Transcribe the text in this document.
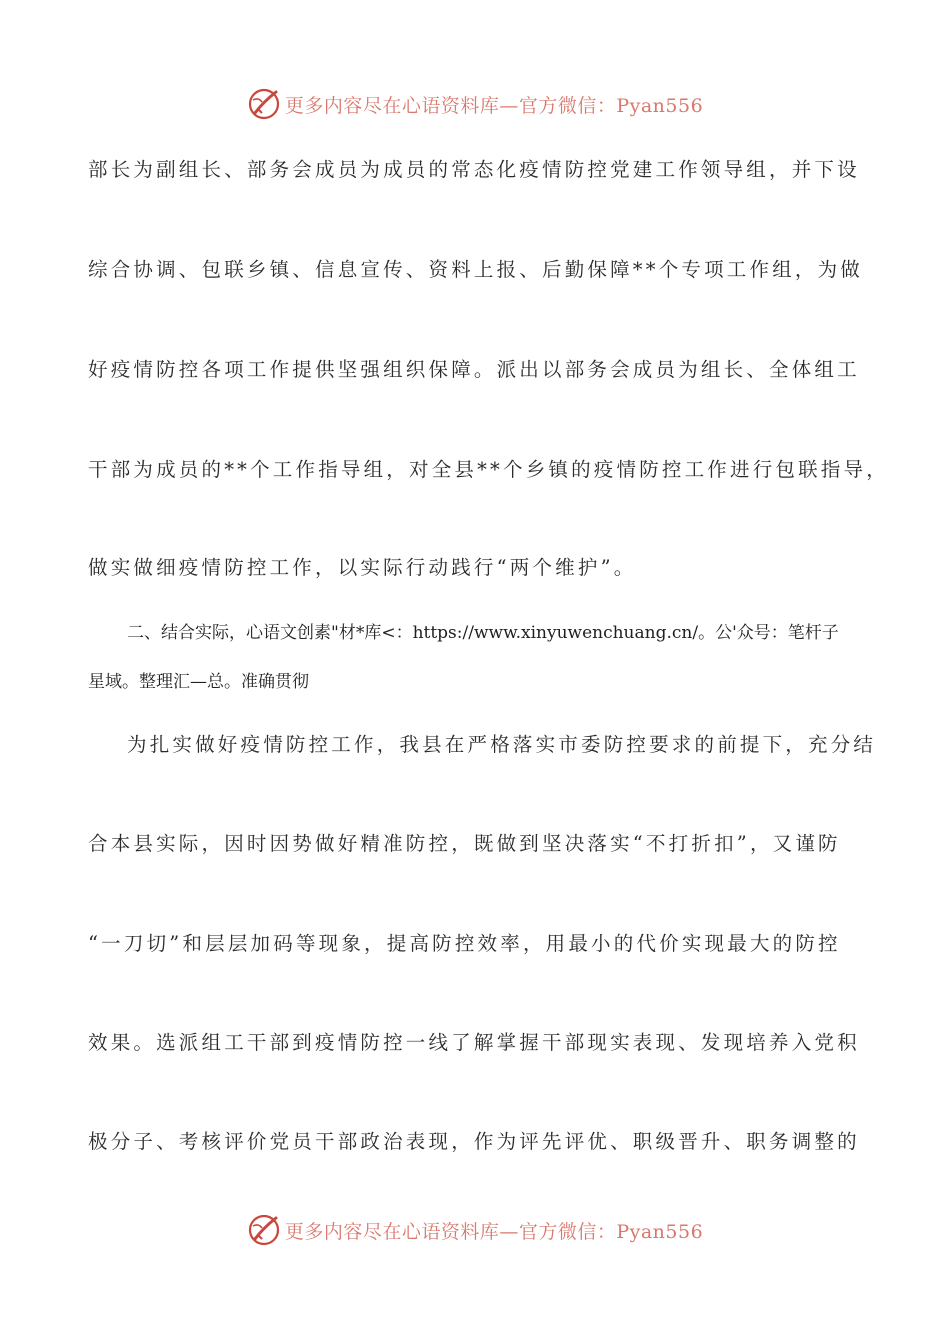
更多内容尽在心语资料库—官方微信：Pyan556
部长为副组长、部务会成员为成员的常态化疫情防控党建工作领导组，并下设
综合协调、包联乡镇、信息宣传、资料上报、后勤保障**个专项工作组，为做
好疫情防控各项工作提供坚强组织保障。派出以部务会成员为组长、全体组工
干部为成员的**个工作指导组，对全县**个乡镇的疫情防控工作进行包联指导，
做实做细疫情防控工作，以实际行动践行“两个维护”。
二、结合实际，心语文创素"材*库<：https://www.xinyuwenchuang.cn/。公'众号：笔杆子
星域。整理汇—总。准确贯彻
为扎实做好疫情防控工作，我县在严格落实市委防控要求的前提下，充分结
合本县实际，因时因势做好精准防控，既做到坚决落实“不打折扣”，又谨防
“一刀切”和层层加码等现象，提高防控效率，用最小的代价实现最大的防控
效果。选派组工干部到疫情防控一线了解掌握干部现实表现、发现培养入党积
极分子、考核评价党员干部政治表现，作为评先评优、职级晋升、职务调整的
更多内容尽在心语资料库—官方微信：Pyan556
